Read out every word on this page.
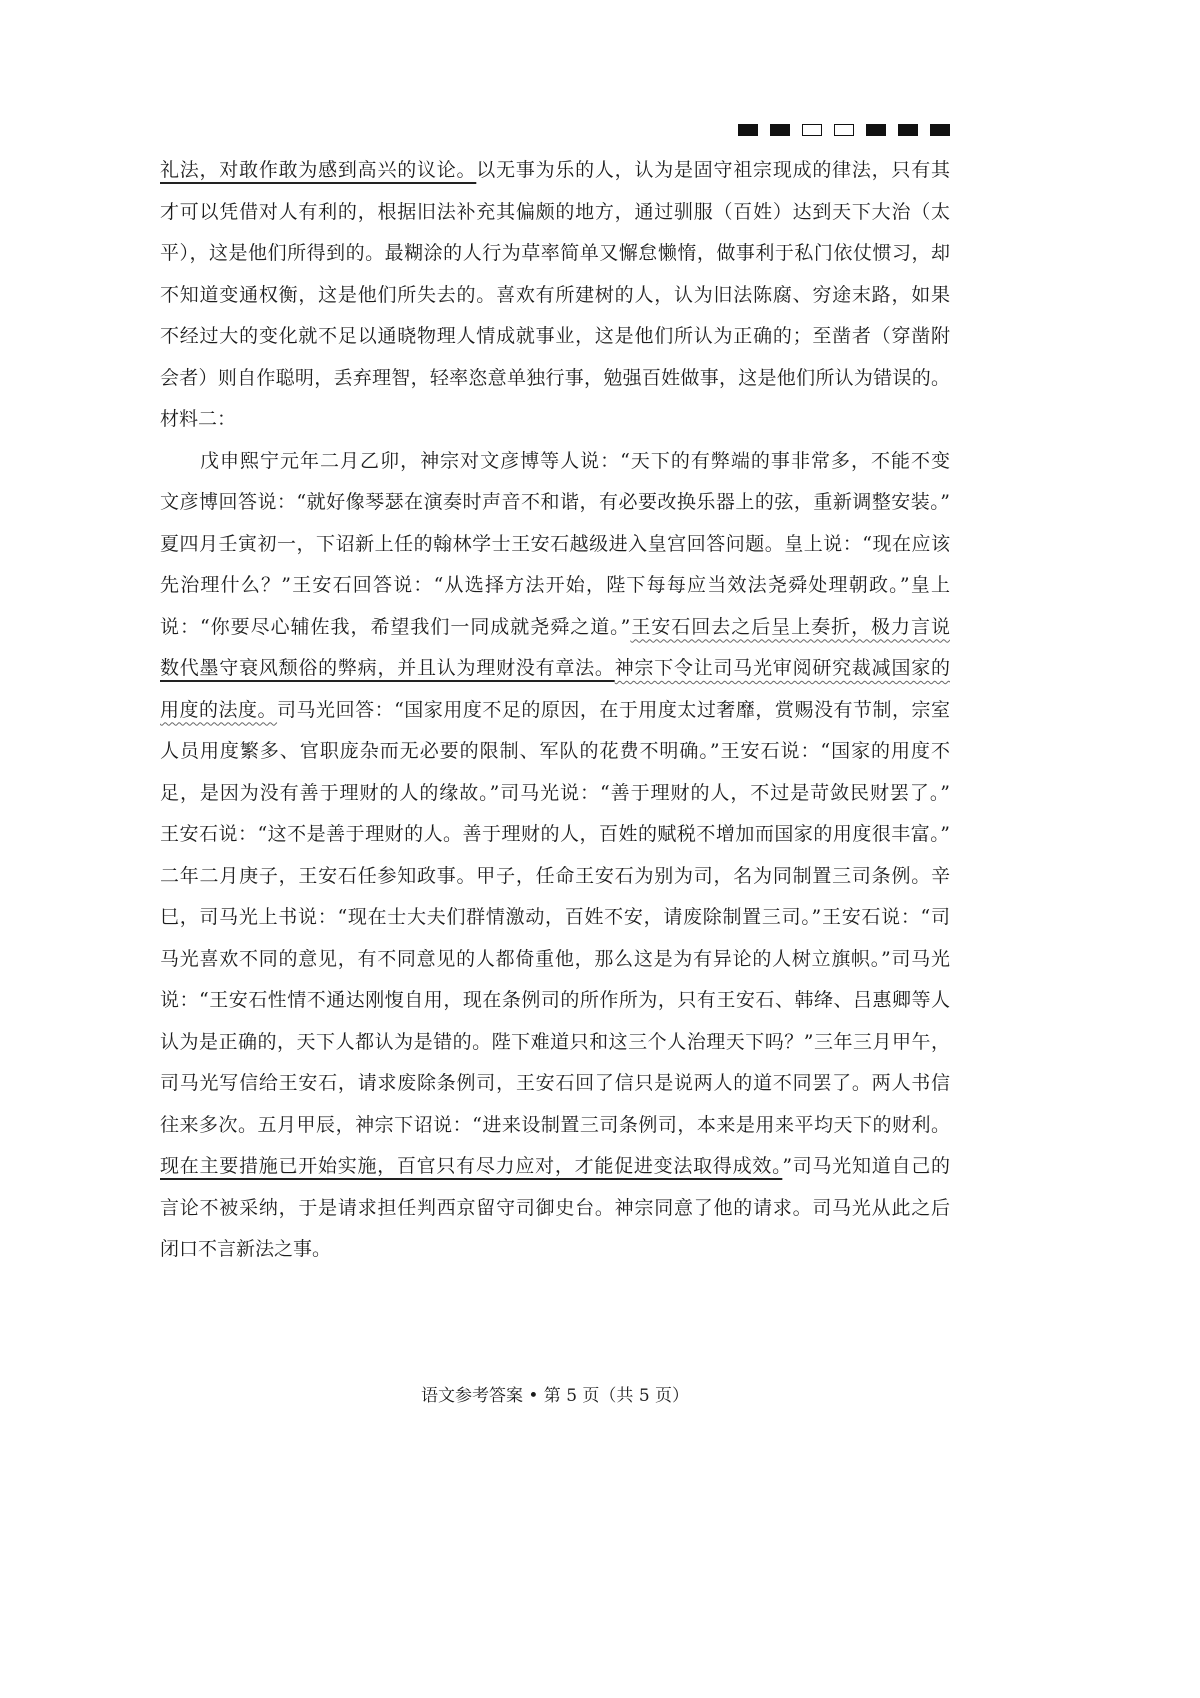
礼法，对敢作敢为感到高兴的议论。以无事为乐的人，认为是固守祖宗现成的律法，只有其
才可以凭借对人有利的，根据旧法补充其偏颇的地方，通过驯服（百姓）达到天下大治（太
平），这是他们所得到的。最糊涂的人行为草率简单又懈怠懒惰，做事利于私门依仗惯习，却
不知道变通权衡，这是他们所失去的。喜欢有所建树的人，认为旧法陈腐、穷途末路，如果
不经过大的变化就不足以通晓物理人情成就事业，这是他们所认为正确的；至凿者（穿凿附
会者）则自作聪明，丢弃理智，轻率恣意单独行事，勉强百姓做事，这是他们所认为错误的。
材料二：
戊申熙宁元年二月乙卯，神宗对文彦博等人说：“天下的有弊端的事非常多，不能不变
文彦博回答说：“就好像琴瑟在演奏时声音不和谐，有必要改换乐器上的弦，重新调整安装。”
夏四月壬寅初一，下诏新上任的翰林学士王安石越级进入皇宫回答问题。皇上说：“现在应该
先治理什么？”王安石回答说：“从选择方法开始，陛下每每应当效法尧舜处理朝政。”皇上
说：“你要尽心辅佐我，希望我们一同成就尧舜之道。”王安石回去之后呈上奏折，极力言说
数代墨守衰风颓俗的弊病，并且认为理财没有章法。神宗下令让司马光审阅研究裁减国家的
用度的法度。司马光回答：“国家用度不足的原因，在于用度太过奢靡，赏赐没有节制，宗室
人员用度繁多、官职庞杂而无必要的限制、军队的花费不明确。”王安石说：“国家的用度不
足，是因为没有善于理财的人的缘故。”司马光说：“善于理财的人，不过是苛敛民财罢了。”
王安石说：“这不是善于理财的人。善于理财的人，百姓的赋税不增加而国家的用度很丰富。”
二年二月庚子，王安石任参知政事。甲子，任命王安石为别为司，名为同制置三司条例。辛
巳，司马光上书说：“现在士大夫们群情激动，百姓不安，请废除制置三司。”王安石说：“司
马光喜欢不同的意见，有不同意见的人都倚重他，那么这是为有异论的人树立旗帜。”司马光
说：“王安石性情不通达刚愎自用，现在条例司的所作所为，只有王安石、韩绛、吕惠卿等人
认为是正确的，天下人都认为是错的。陛下难道只和这三个人治理天下吗？”三年三月甲午，
司马光写信给王安石，请求废除条例司，王安石回了信只是说两人的道不同罢了。两人书信
往来多次。五月甲辰，神宗下诏说：“进来设制置三司条例司，本来是用来平均天下的财利。
现在主要措施已开始实施，百官只有尽力应对，才能促进变法取得成效。”司马光知道自己的
言论不被采纳，于是请求担任判西京留守司御史台。神宗同意了他的请求。司马光从此之后
闭口不言新法之事。
语文参考答案 • 第 5 页（共 5 页）
